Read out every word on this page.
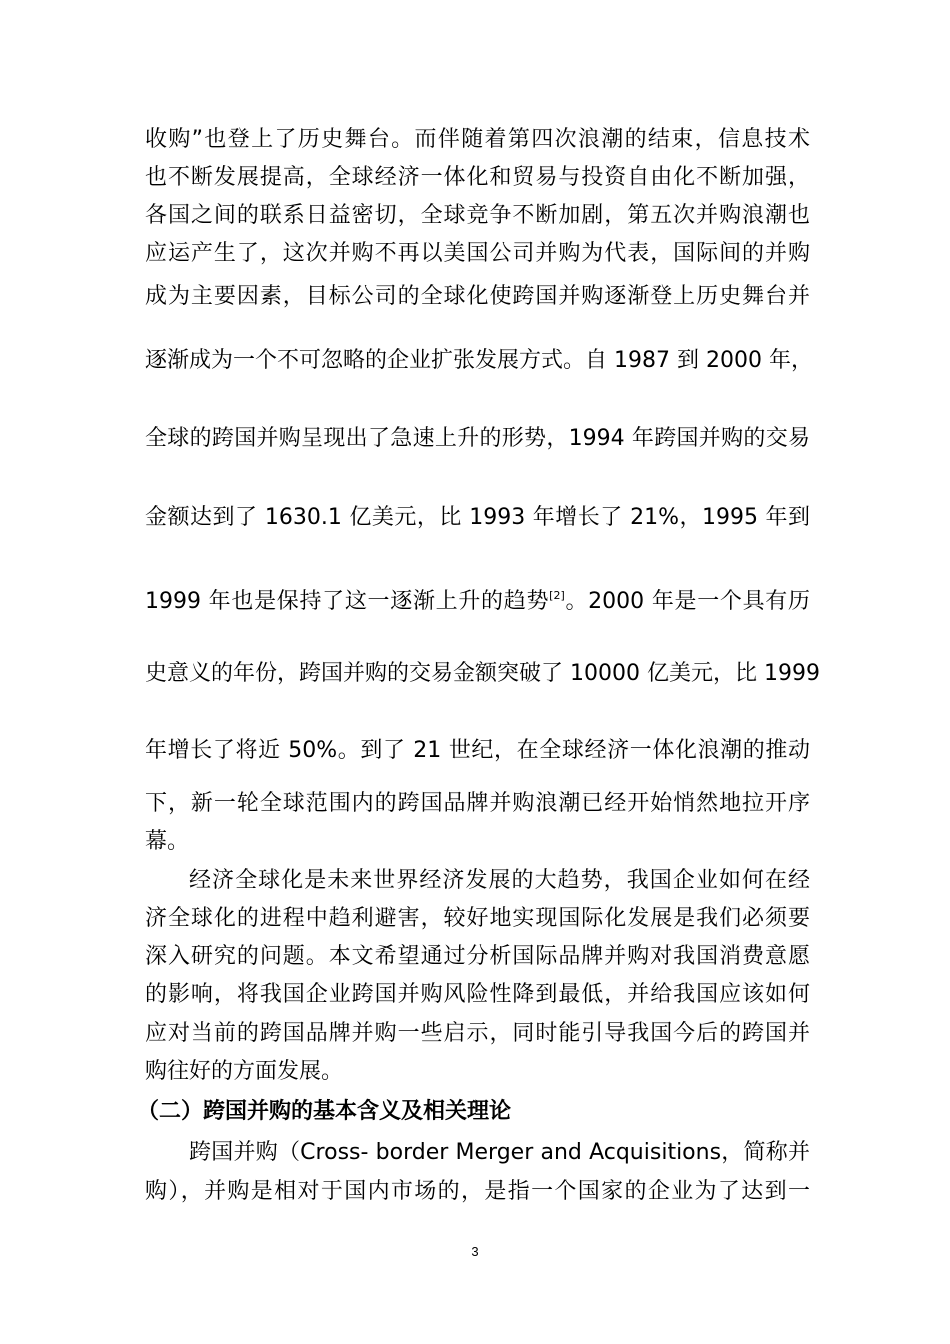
收购”也登上了历史舞台。而伴随着第四次浪潮的结束，信息技术
也不断发展提高，全球经济一体化和贸易与投资自由化不断加强，
各国之间的联系日益密切，全球竞争不断加剧，第五次并购浪潮也
应运产生了，这次并购不再以美国公司并购为代表，国际间的并购
成为主要因素，目标公司的全球化使跨国并购逐渐登上历史舞台并
逐渐成为一个不可忽略的企业扩张发展方式。自 1987 到 2000 年，
全球的跨国并购呈现出了急速上升的形势，1994 年跨国并购的交易
金额达到了 1630.1 亿美元，比 1993 年增长了 21%，1995 年到
1999 年也是保持了这一逐渐上升的趋势[2]。2000 年是一个具有历
史意义的年份，跨国并购的交易金额突破了 10000 亿美元，比 1999
年增长了将近 50%。到了 21 世纪，在全球经济一体化浪潮的推动
下，新一轮全球范围内的跨国品牌并购浪潮已经开始悄然地拉开序
幕。
经济全球化是未来世界经济发展的大趋势，我国企业如何在经
济全球化的进程中趋利避害，较好地实现国际化发展是我们必须要
深入研究的问题。本文希望通过分析国际品牌并购对我国消费意愿
的影响，将我国企业跨国并购风险性降到最低，并给我国应该如何
应对当前的跨国品牌并购一些启示，同时能引导我国今后的跨国并
购往好的方面发展。
（二）跨国并购的基本含义及相关理论
跨国并购（Cross- border Merger and Acquisitions，简称并
购），并购是相对于国内市场的，是指一个国家的企业为了达到一
3
